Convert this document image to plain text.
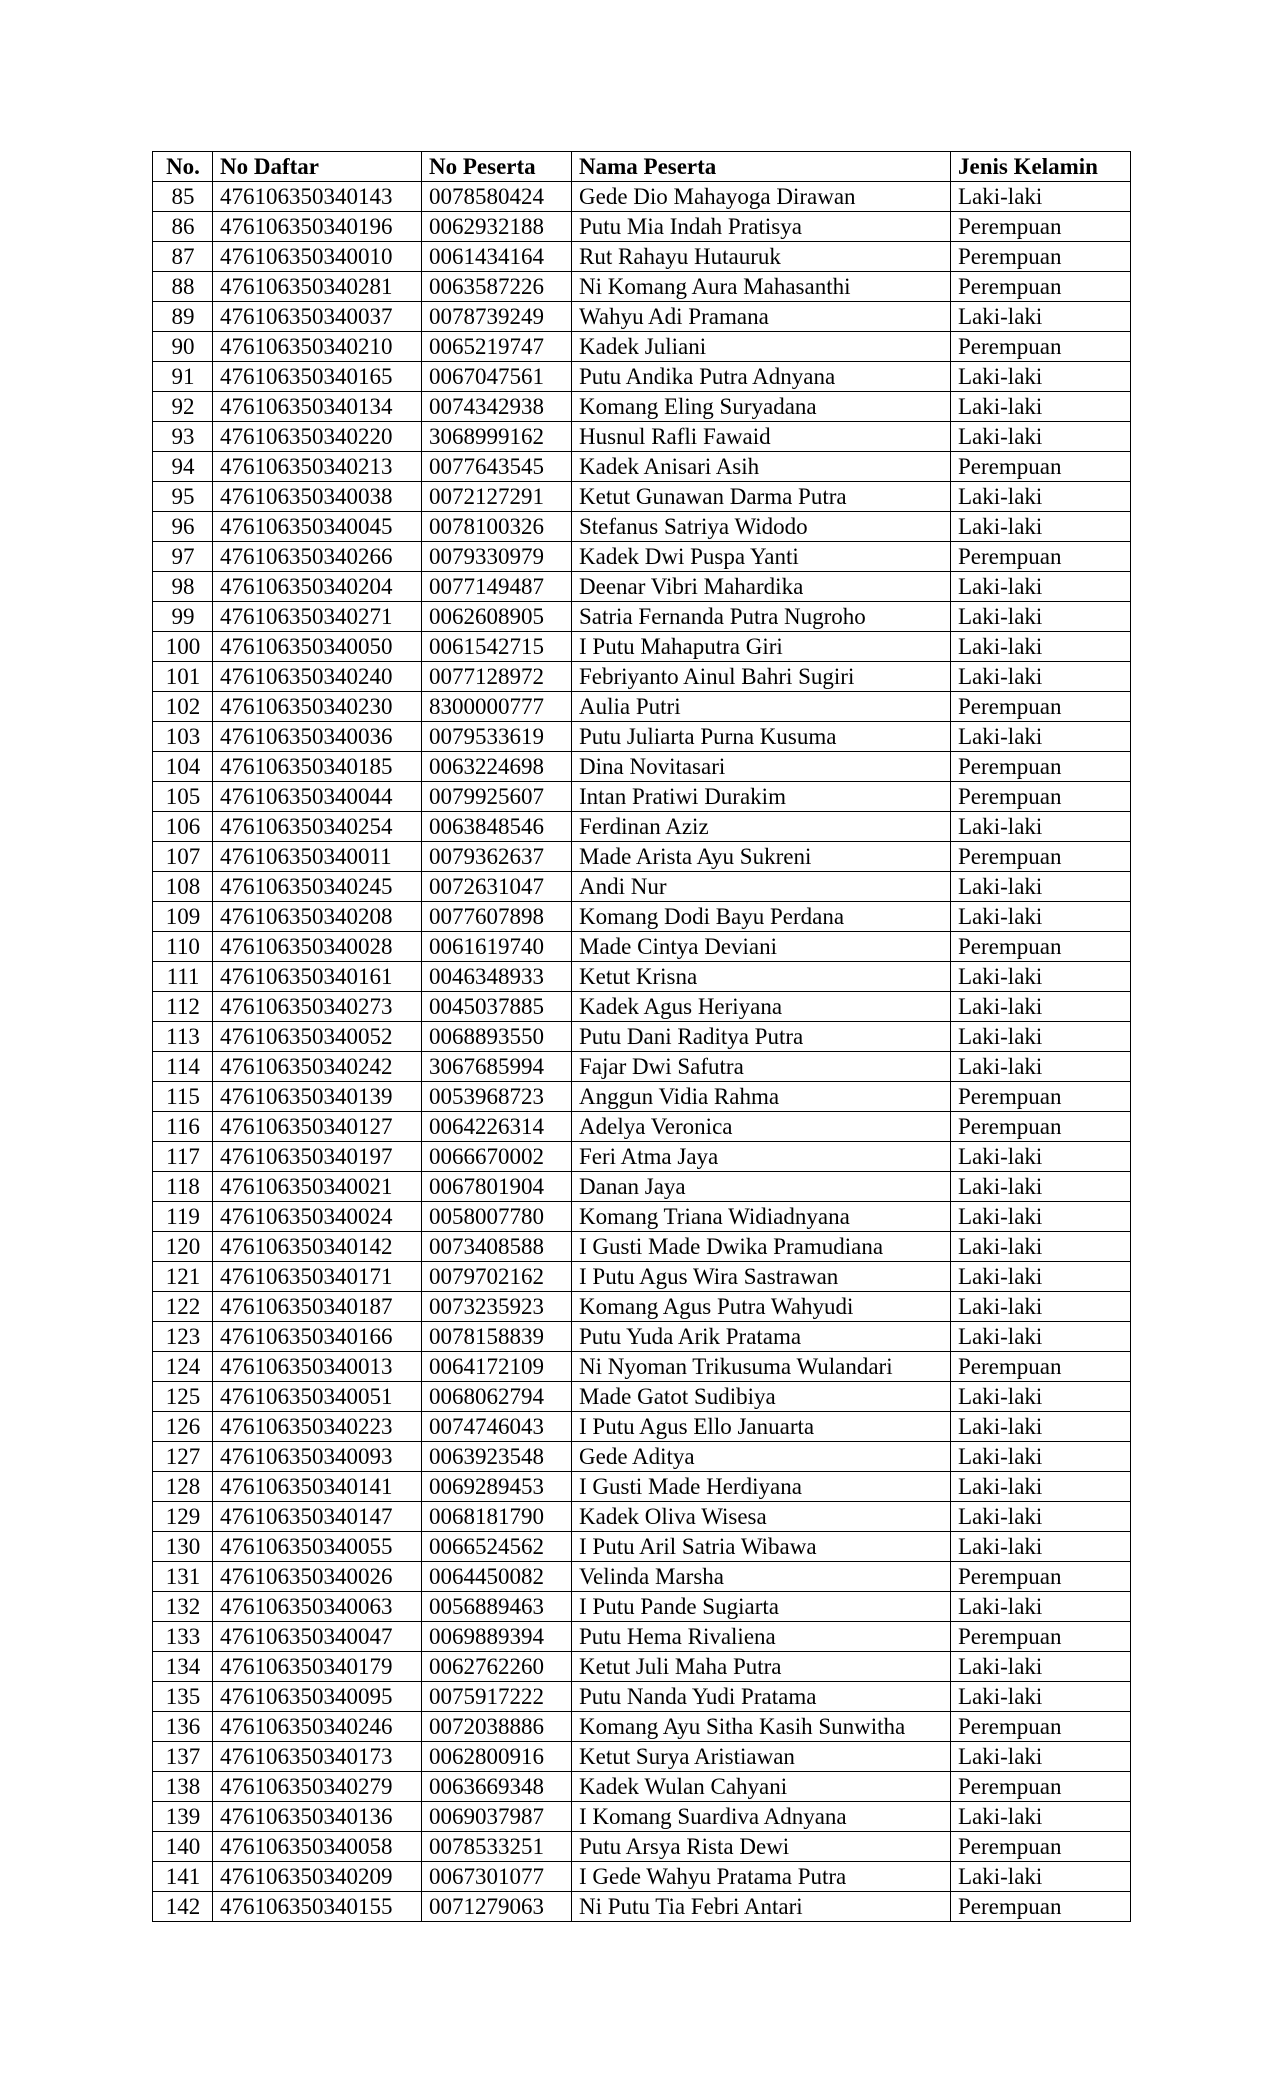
No.	No Daftar	No Peserta	Nama Peserta	Jenis Kelamin
85	476106350340143	0078580424	Gede Dio Mahayoga Dirawan	Laki-laki
86	476106350340196	0062932188	Putu Mia Indah Pratisya	Perempuan
87	476106350340010	0061434164	Rut Rahayu Hutauruk	Perempuan
88	476106350340281	0063587226	Ni Komang Aura Mahasanthi	Perempuan
89	476106350340037	0078739249	Wahyu Adi Pramana	Laki-laki
90	476106350340210	0065219747	Kadek Juliani	Perempuan
91	476106350340165	0067047561	Putu Andika Putra Adnyana	Laki-laki
92	476106350340134	0074342938	Komang Eling Suryadana	Laki-laki
93	476106350340220	3068999162	Husnul Rafli Fawaid	Laki-laki
94	476106350340213	0077643545	Kadek Anisari Asih	Perempuan
95	476106350340038	0072127291	Ketut Gunawan Darma Putra	Laki-laki
96	476106350340045	0078100326	Stefanus Satriya Widodo	Laki-laki
97	476106350340266	0079330979	Kadek Dwi Puspa Yanti	Perempuan
98	476106350340204	0077149487	Deenar Vibri Mahardika	Laki-laki
99	476106350340271	0062608905	Satria Fernanda Putra Nugroho	Laki-laki
100	476106350340050	0061542715	I Putu Mahaputra Giri	Laki-laki
101	476106350340240	0077128972	Febriyanto Ainul Bahri Sugiri	Laki-laki
102	476106350340230	8300000777	Aulia Putri	Perempuan
103	476106350340036	0079533619	Putu Juliarta Purna Kusuma	Laki-laki
104	476106350340185	0063224698	Dina Novitasari	Perempuan
105	476106350340044	0079925607	Intan Pratiwi Durakim	Perempuan
106	476106350340254	0063848546	Ferdinan Aziz	Laki-laki
107	476106350340011	0079362637	Made Arista Ayu Sukreni	Perempuan
108	476106350340245	0072631047	Andi Nur	Laki-laki
109	476106350340208	0077607898	Komang Dodi Bayu Perdana	Laki-laki
110	476106350340028	0061619740	Made Cintya Deviani	Perempuan
111	476106350340161	0046348933	Ketut Krisna	Laki-laki
112	476106350340273	0045037885	Kadek Agus Heriyana	Laki-laki
113	476106350340052	0068893550	Putu Dani Raditya Putra	Laki-laki
114	476106350340242	3067685994	Fajar Dwi Safutra	Laki-laki
115	476106350340139	0053968723	Anggun Vidia Rahma	Perempuan
116	476106350340127	0064226314	Adelya Veronica	Perempuan
117	476106350340197	0066670002	Feri Atma Jaya	Laki-laki
118	476106350340021	0067801904	Danan Jaya	Laki-laki
119	476106350340024	0058007780	Komang Triana Widiadnyana	Laki-laki
120	476106350340142	0073408588	I Gusti Made Dwika Pramudiana	Laki-laki
121	476106350340171	0079702162	I Putu Agus Wira Sastrawan	Laki-laki
122	476106350340187	0073235923	Komang Agus Putra Wahyudi	Laki-laki
123	476106350340166	0078158839	Putu Yuda Arik Pratama	Laki-laki
124	476106350340013	0064172109	Ni Nyoman Trikusuma Wulandari	Perempuan
125	476106350340051	0068062794	Made Gatot Sudibiya	Laki-laki
126	476106350340223	0074746043	I Putu Agus Ello Januarta	Laki-laki
127	476106350340093	0063923548	Gede Aditya	Laki-laki
128	476106350340141	0069289453	I Gusti Made Herdiyana	Laki-laki
129	476106350340147	0068181790	Kadek Oliva Wisesa	Laki-laki
130	476106350340055	0066524562	I Putu Aril Satria Wibawa	Laki-laki
131	476106350340026	0064450082	Velinda Marsha	Perempuan
132	476106350340063	0056889463	I Putu Pande Sugiarta	Laki-laki
133	476106350340047	0069889394	Putu Hema Rivaliena	Perempuan
134	476106350340179	0062762260	Ketut Juli Maha Putra	Laki-laki
135	476106350340095	0075917222	Putu Nanda Yudi Pratama	Laki-laki
136	476106350340246	0072038886	Komang Ayu Sitha Kasih Sunwitha	Perempuan
137	476106350340173	0062800916	Ketut Surya Aristiawan	Laki-laki
138	476106350340279	0063669348	Kadek Wulan Cahyani	Perempuan
139	476106350340136	0069037987	I Komang Suardiva Adnyana	Laki-laki
140	476106350340058	0078533251	Putu Arsya Rista Dewi	Perempuan
141	476106350340209	0067301077	I Gede Wahyu Pratama Putra	Laki-laki
142	476106350340155	0071279063	Ni Putu Tia Febri Antari	Perempuan
